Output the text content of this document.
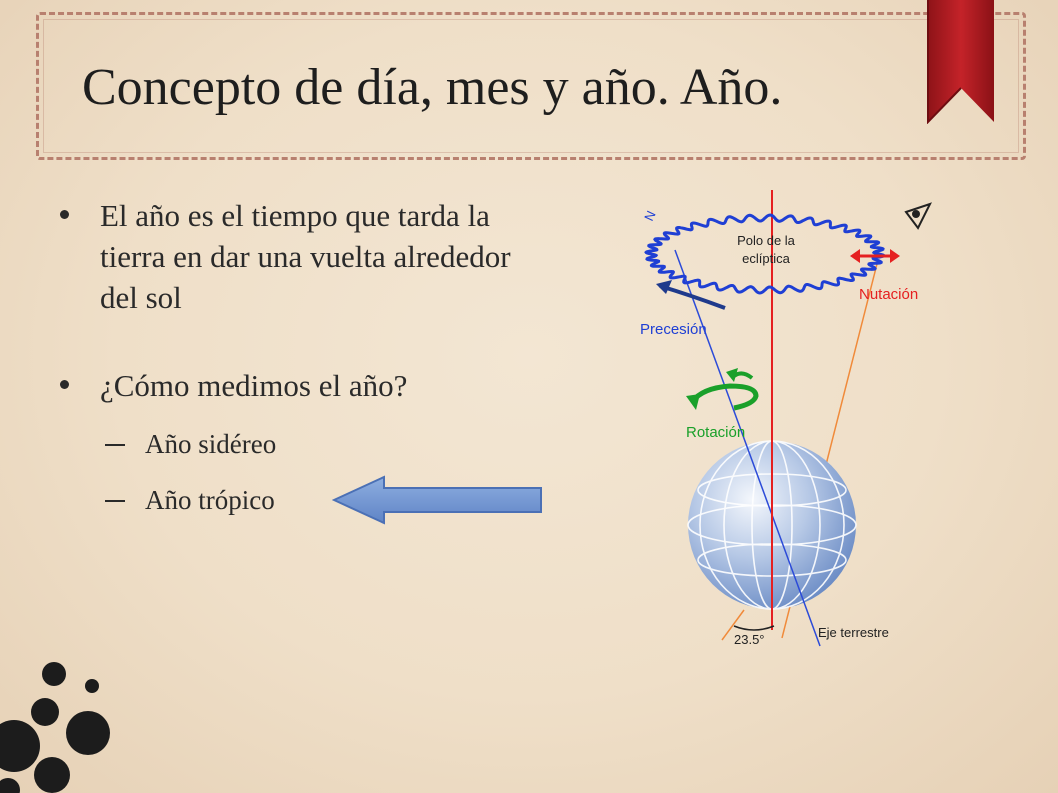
Concepto de día, mes y año. Año.
El año es el tiempo que tarda la tierra en dar una vuelta alrededor del sol
¿Cómo medimos el año?
Año sidéreo
Año trópico
Polo de la
eclíptica
Nutación
Precesión
Rotación
23.5°	Eje terrestre
N
